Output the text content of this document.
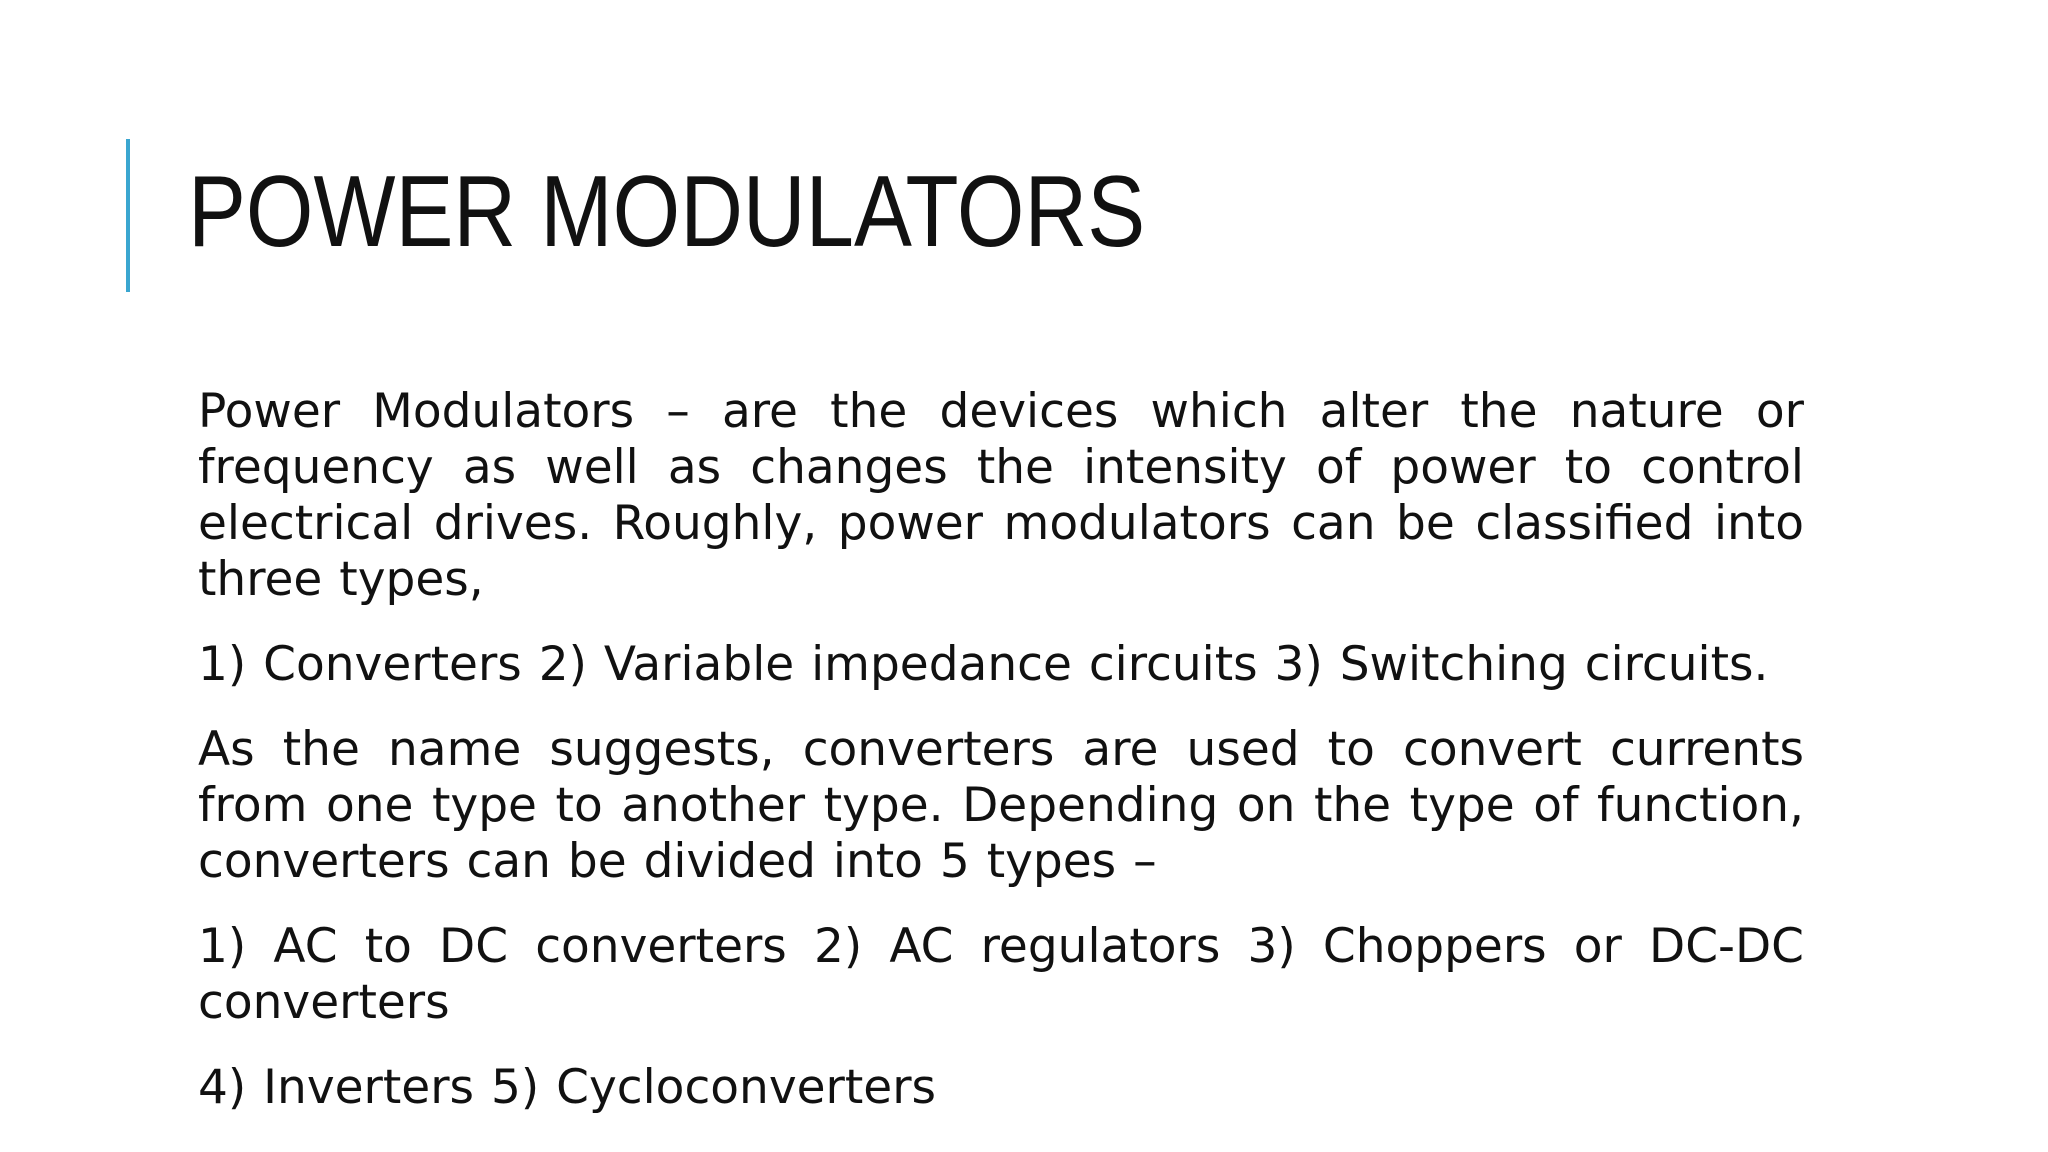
POWER MODULATORS

Power Modulators – are the devices which alter the nature or frequency as well as changes the intensity of power to control electrical drives. Roughly, power modulators can be classified into three types,

1) Converters 2) Variable impedance circuits 3) Switching circuits.

As the name suggests, converters are used to convert currents from one type to another type. Depending on the type of function, converters can be divided into 5 types –

1) AC to DC converters 2) AC regulators 3) Choppers or DC-DC converters

4) Inverters 5) Cycloconverters
